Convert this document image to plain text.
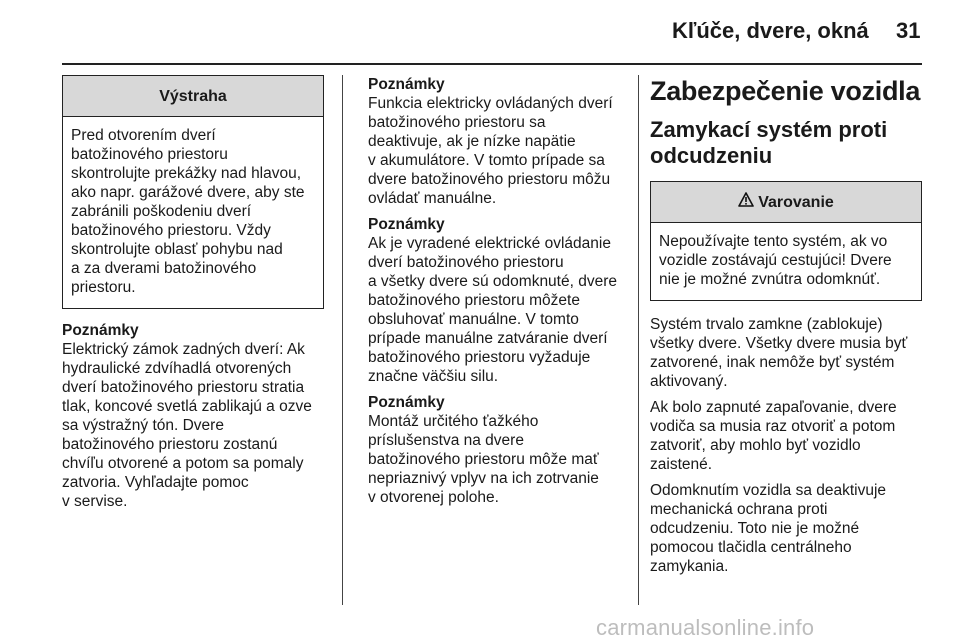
Kľúče, dvere, okná 31
Výstraha
Pred otvorením dverí
batožinového priestoru
skontrolujte prekážky nad hlavou,
ako napr. garážové dvere, aby ste
zabránili poškodeniu dverí
batožinového priestoru. Vždy
skontrolujte oblasť pohybu nad
a za dverami batožinového
priestoru.
Poznámky
Elektrický zámok zadných dverí: Ak
hydraulické zdvíhadlá otvorených
dverí batožinového priestoru stratia
tlak, koncové svetlá zablikajú a ozve
sa výstražný tón. Dvere
batožinového priestoru zostanú
chvíľu otvorené a potom sa pomaly
zatvoria. Vyhľadajte pomoc
v servise.
Poznámky
Funkcia elektricky ovládaných dverí
batožinového priestoru sa
deaktivuje, ak je nízke napätie
v akumulátore. V tomto prípade sa
dvere batožinového priestoru môžu
ovládať manuálne.
Poznámky
Ak je vyradené elektrické ovládanie
dverí batožinového priestoru
a všetky dvere sú odomknuté, dvere
batožinového priestoru môžete
obsluhovať manuálne. V tomto
prípade manuálne zatváranie dverí
batožinového priestoru vyžaduje
značne väčšiu silu.
Poznámky
Montáž určitého ťažkého
príslušenstva na dvere
batožinového priestoru môže mať
nepriaznivý vplyv na ich zotrvanie
v otvorenej polohe.
Zabezpečenie vozidla
Zamykací systém proti odcudzeniu
Varovanie
Nepoužívajte tento systém, ak vo
vozidle zostávajú cestujúci! Dvere
nie je možné zvnútra odomknúť.
Systém trvalo zamkne (zablokuje)
všetky dvere. Všetky dvere musia byť
zatvorené, inak nemôže byť systém
aktivovaný.
Ak bolo zapnuté zapaľovanie, dvere
vodiča sa musia raz otvoriť a potom
zatvoriť, aby mohlo byť vozidlo
zaistené.
Odomknutím vozidla sa deaktivuje
mechanická ochrana proti
odcudzeniu. Toto nie je možné
pomocou tlačidla centrálneho
zamykania.
carmanualsonline.info
